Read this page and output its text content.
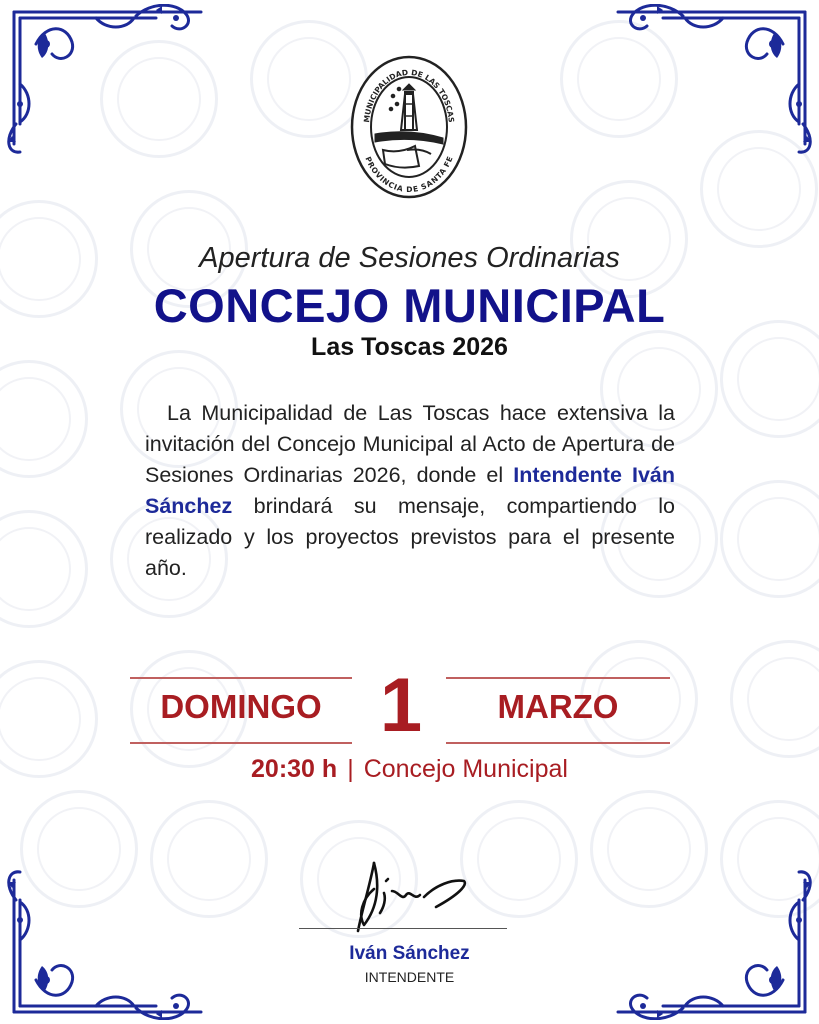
MUNICIPALIDAD DE LAS TOSCAS
PROVINCIA DE SANTA FE
Apertura de Sesiones Ordinarias
CONCEJO MUNICIPAL
Las Toscas 2026
La Municipalidad de Las Toscas hace extensiva la invitación del Concejo Municipal al Acto de Apertura de Sesiones Ordinarias 2026, donde el Intendente Iván Sánchez brindará su mensaje, compartiendo lo realizado y los proyectos previstos para el presente año.
DOMINGO 1	MARZO
20:30 h | Concejo Municipal
Iván Sánchez
INTENDENTE
